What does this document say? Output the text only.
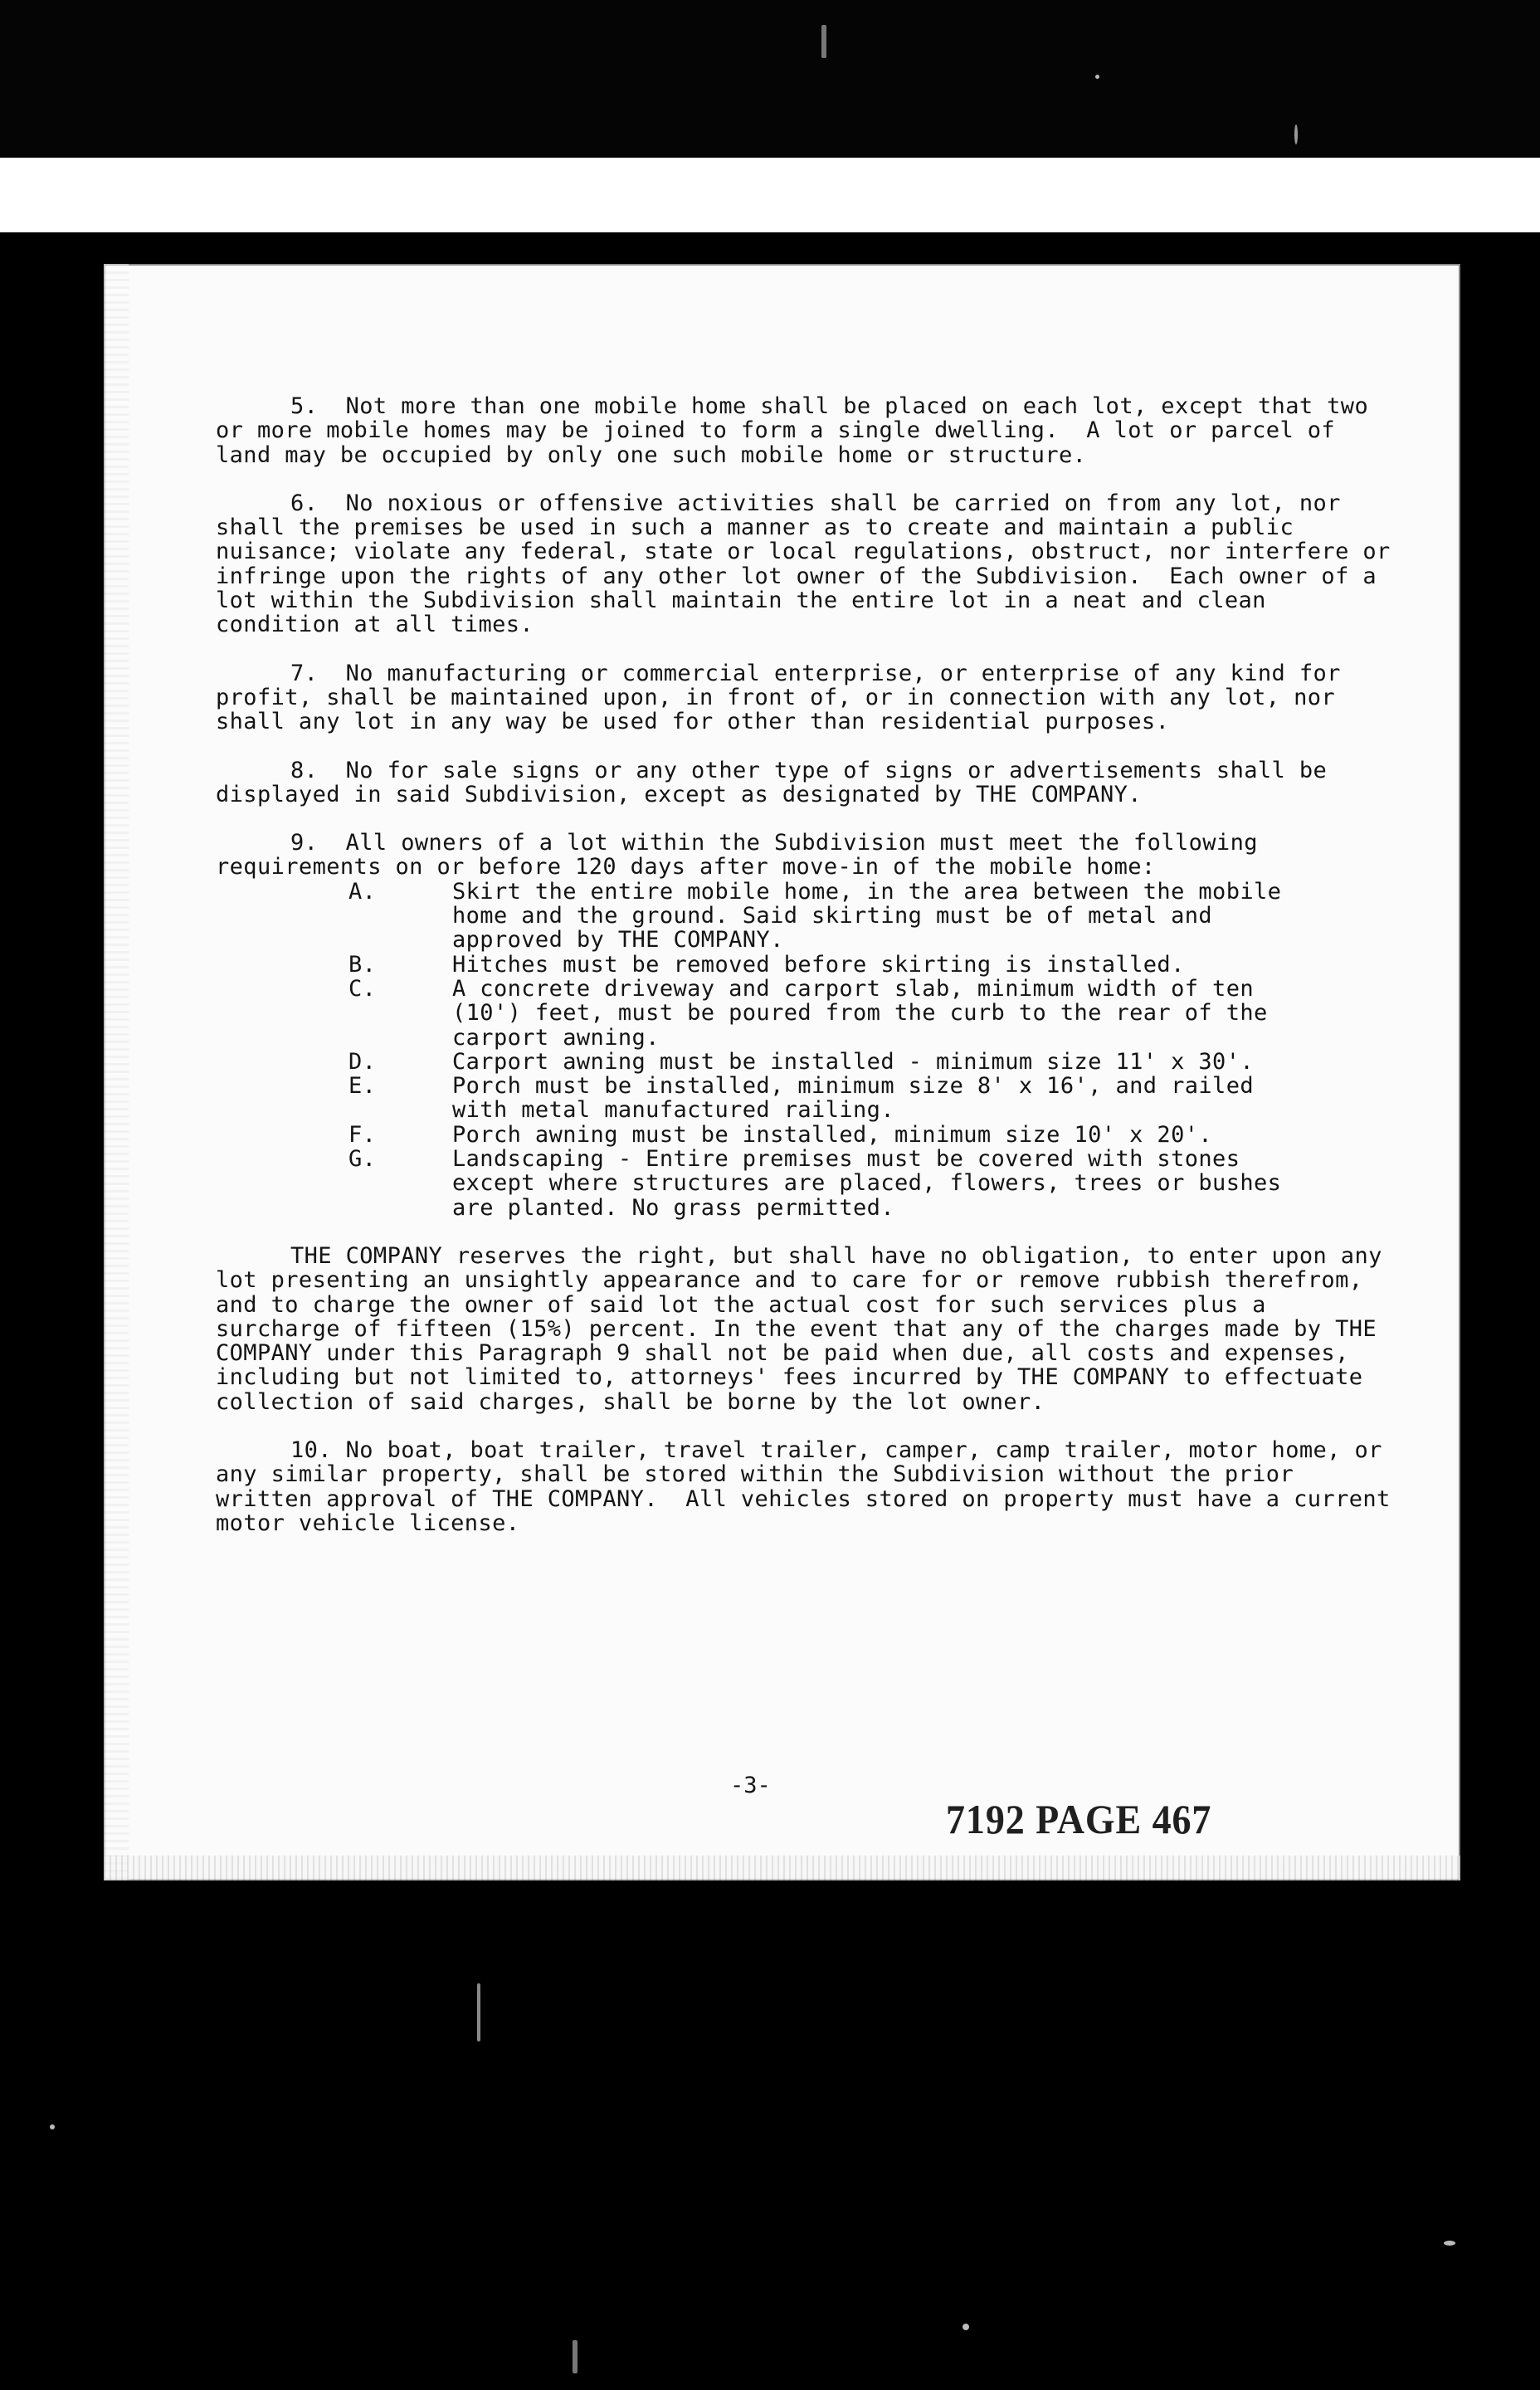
5. Not more than one mobile home shall be placed on each lot, except that two or more mobile homes may be joined to form a single dwelling.  A lot or parcel of land may be occupied by only one such mobile home or structure.

6. No noxious or offensive activities shall be carried on from any lot, nor shall the premises be used in such a manner as to create and maintain a public nuisance; violate any federal, state or local regulations, obstruct, nor interfere or infringe upon the rights of any other lot owner of the Subdivision.  Each owner of a lot within the Subdivision shall maintain the entire lot in a neat and clean condition at all times.

7. No manufacturing or commercial enterprise, or enterprise of any kind for profit, shall be maintained upon, in front of, or in connection with any lot, nor shall any lot in any way be used for other than residential purposes.

8. No for sale signs or any other type of signs or advertisements shall be displayed in said Subdivision, except as designated by THE COMPANY.

9. All owners of a lot within the Subdivision must meet the following requirements on or before 120 days after move-in of the mobile home:

A.	Skirt the entire mobile home, in the area between the mobile home and the ground. Said skirting must be of metal and approved by THE COMPANY.
B.	Hitches must be removed before skirting is installed.
C.	A concrete driveway and carport slab, minimum width of ten (10') feet, must be poured from the curb to the rear of the carport awning.
D.	Carport awning must be installed - minimum size 11' x 30'.
E.	Porch must be installed, minimum size 8' x 16', and railed with metal manufactured railing.
F.	Porch awning must be installed, minimum size 10' x 20'.
G.	Landscaping - Entire premises must be covered with stones except where structures are placed, flowers, trees or bushes are planted. No grass permitted.

THE COMPANY reserves the right, but shall have no obligation, to enter upon any lot presenting an unsightly appearance and to care for or remove rubbish therefrom, and to charge the owner of said lot the actual cost for such services plus a surcharge of fifteen (15%) percent. In the event that any of the charges made by THE COMPANY under this Paragraph 9 shall not be paid when due, all costs and expenses, including but not limited to, attorneys' fees incurred by THE COMPANY to effectuate collection of said charges, shall be borne by the lot owner.

10. No boat, boat trailer, travel trailer, camper, camp trailer, motor home, or any similar property, shall be stored within the Subdivision without the prior written approval of THE COMPANY.  All vehicles stored on property must have a current motor vehicle license.

-3-
7192 PAGE 467
